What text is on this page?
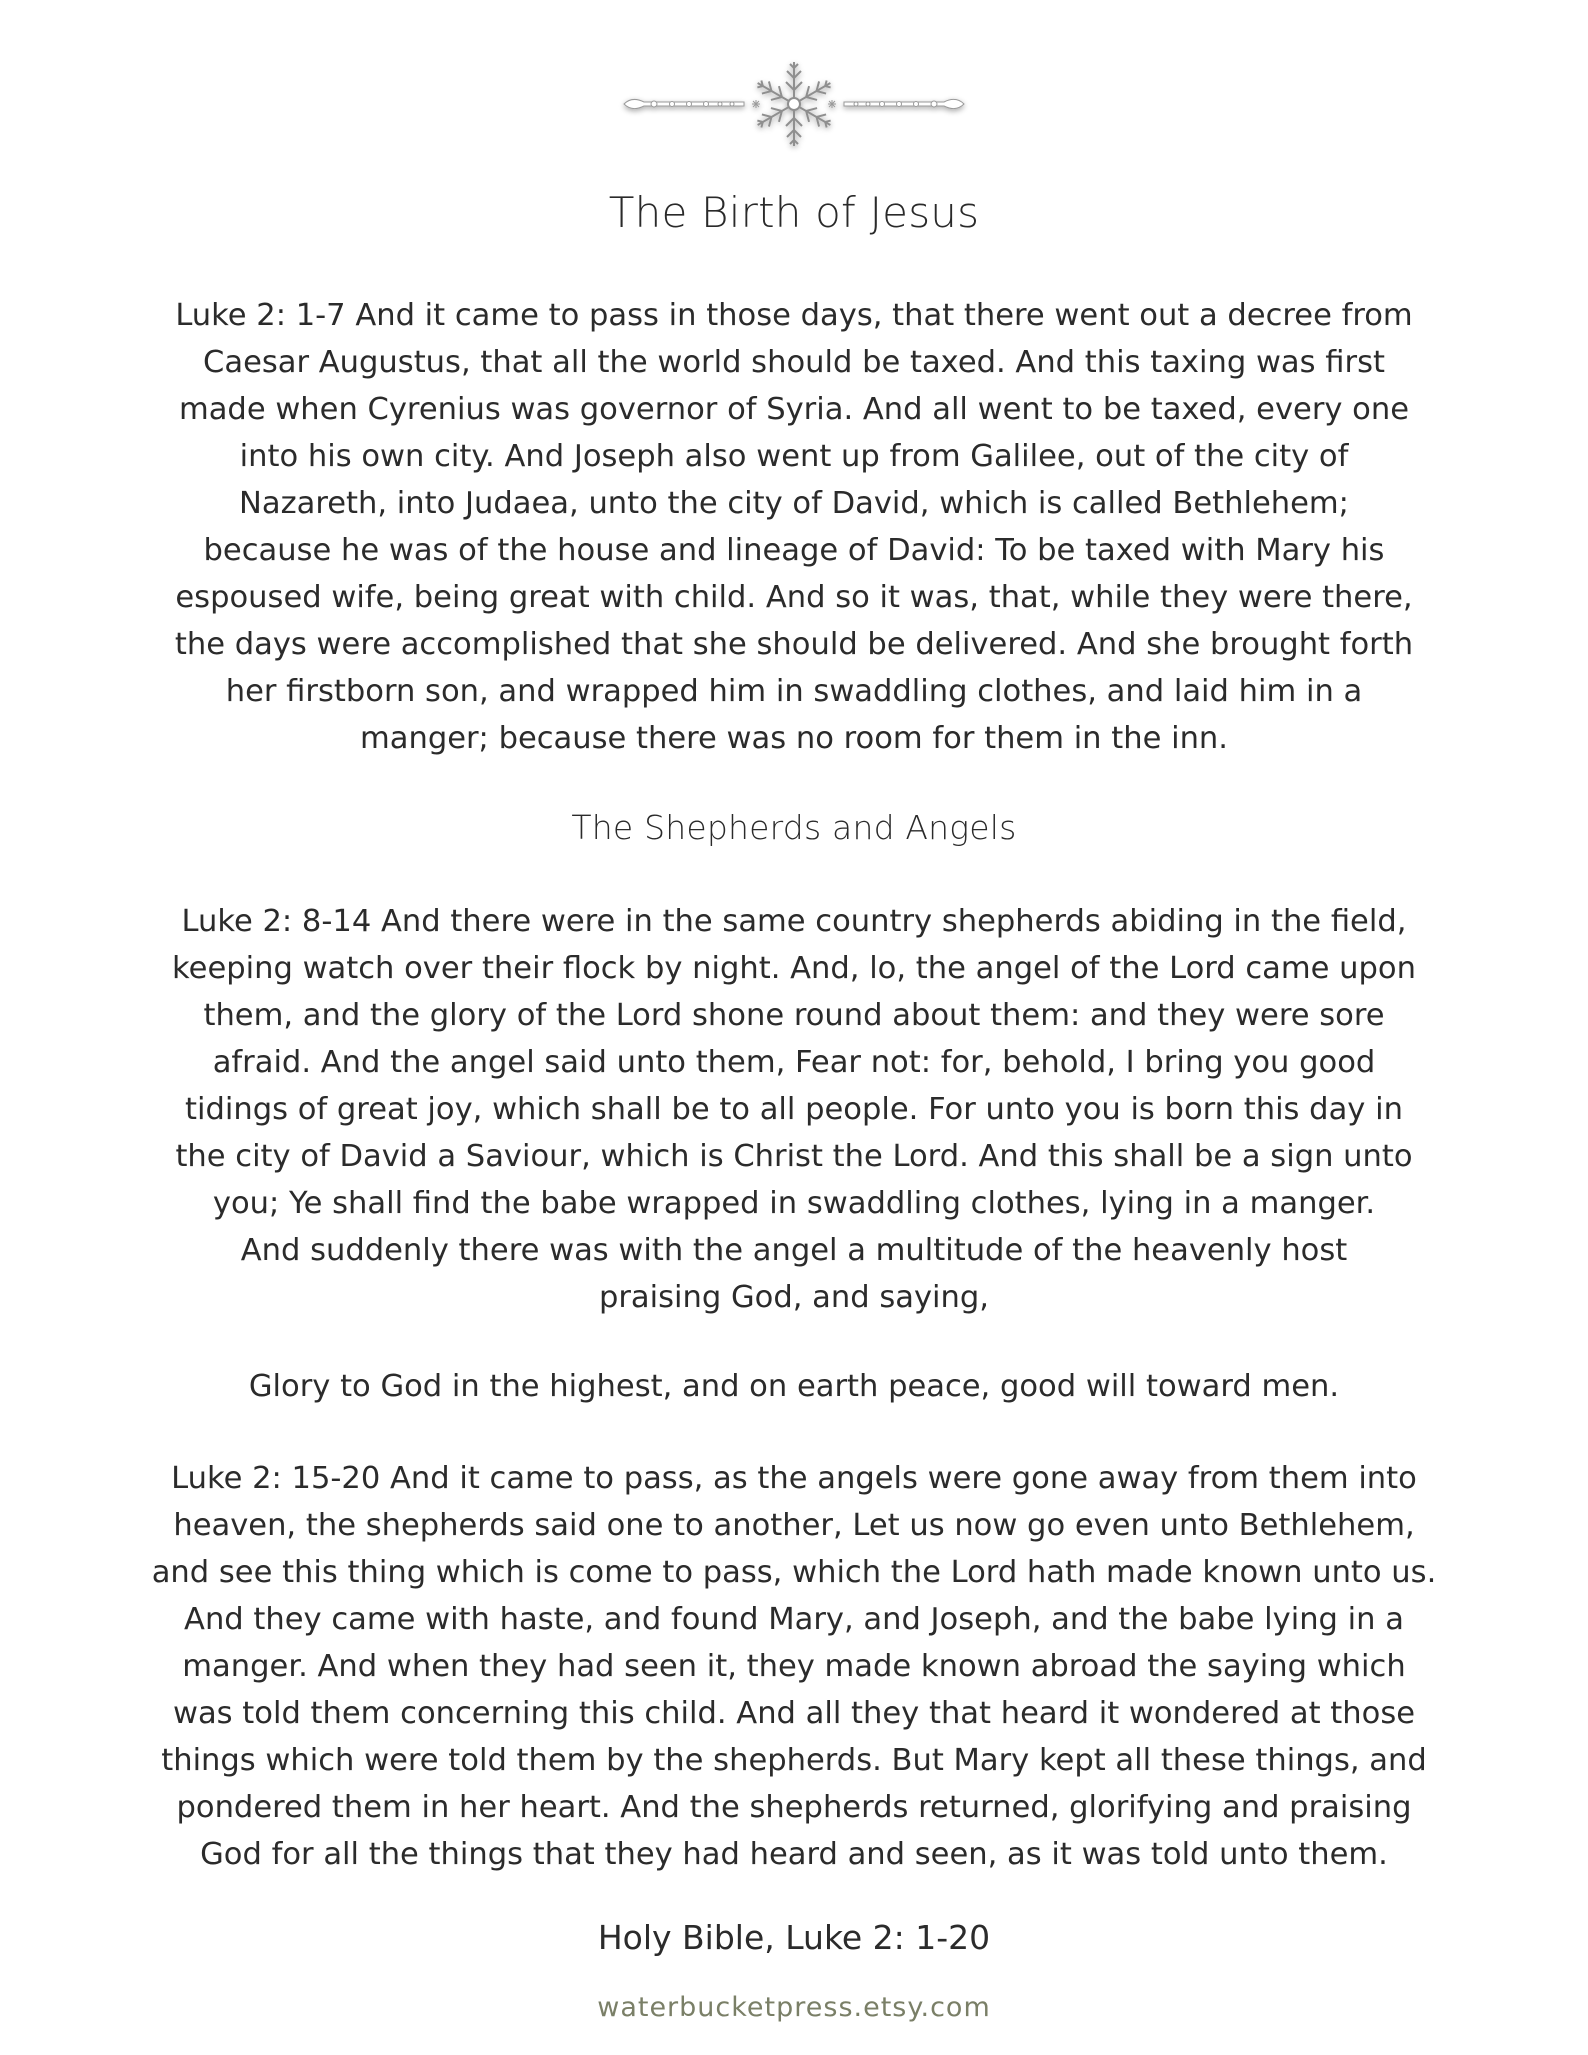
The Birth of Jesus

Luke 2: 1-7 And it came to pass in those days, that there went out a decree from
Caesar Augustus, that all the world should be taxed. And this taxing was first
made when Cyrenius was governor of Syria. And all went to be taxed, every one
into his own city. And Joseph also went up from Galilee, out of the city of
Nazareth, into Judaea, unto the city of David, which is called Bethlehem;
because he was of the house and lineage of David: To be taxed with Mary his
espoused wife, being great with child. And so it was, that, while they were there,
the days were accomplished that she should be delivered. And she brought forth
her firstborn son, and wrapped him in swaddling clothes, and laid him in a
manger; because there was no room for them in the inn.

The Shepherds and Angels

Luke 2: 8-14 And there were in the same country shepherds abiding in the field,
keeping watch over their flock by night. And, lo, the angel of the Lord came upon
them, and the glory of the Lord shone round about them: and they were sore
afraid. And the angel said unto them, Fear not: for, behold, I bring you good
tidings of great joy, which shall be to all people. For unto you is born this day in
the city of David a Saviour, which is Christ the Lord. And this shall be a sign unto
you; Ye shall find the babe wrapped in swaddling clothes, lying in a manger.
And suddenly there was with the angel a multitude of the heavenly host
praising God, and saying,

Glory to God in the highest, and on earth peace, good will toward men.

Luke 2: 15-20 And it came to pass, as the angels were gone away from them into
heaven, the shepherds said one to another, Let us now go even unto Bethlehem,
and see this thing which is come to pass, which the Lord hath made known unto us.
And they came with haste, and found Mary, and Joseph, and the babe lying in a
manger. And when they had seen it, they made known abroad the saying which
was told them concerning this child. And all they that heard it wondered at those
things which were told them by the shepherds. But Mary kept all these things, and
pondered them in her heart. And the shepherds returned, glorifying and praising
God for all the things that they had heard and seen, as it was told unto them.

Holy Bible, Luke 2: 1-20
waterbucketpress.etsy.com
